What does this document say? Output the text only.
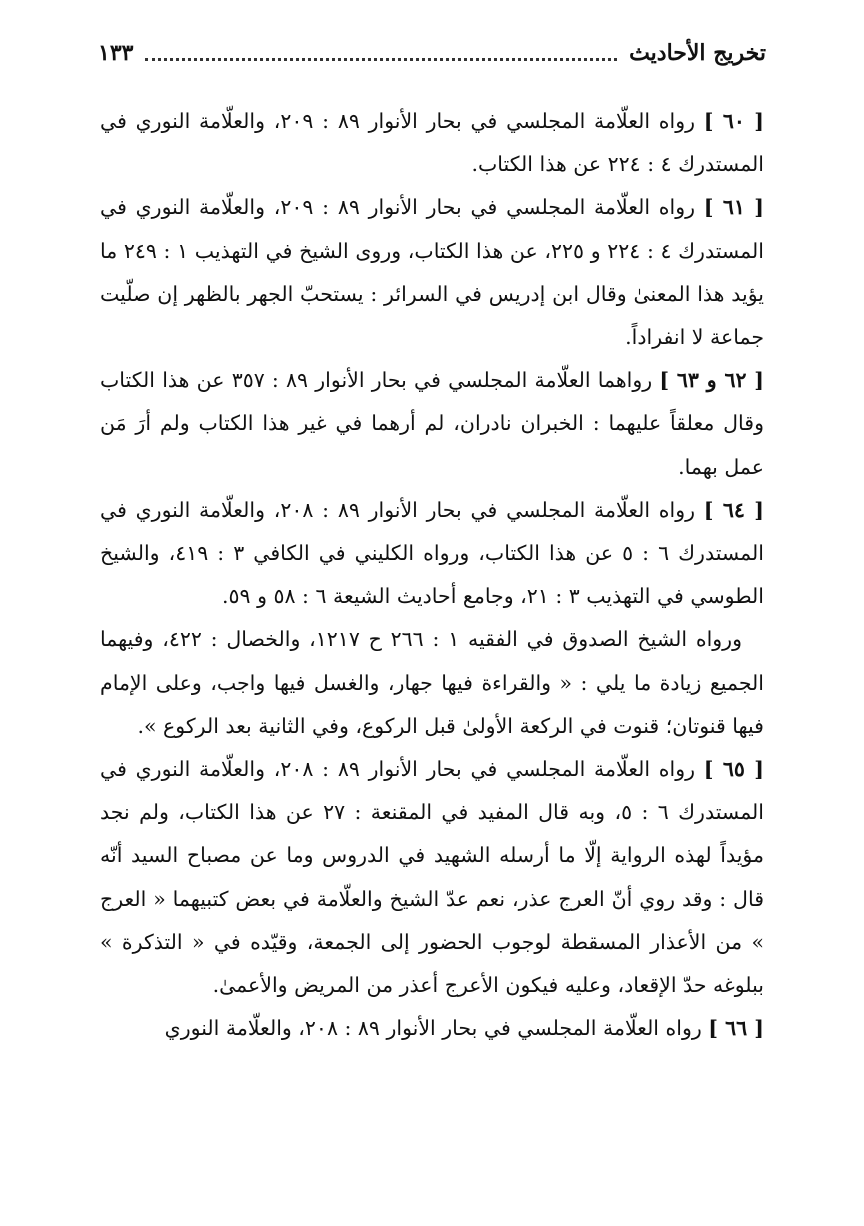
تخريج الأحاديث
١٣٣

[ ٦٠ ] رواه العلّامة المجلسي في بحار الأنوار ٨٩ : ٢٠٩، والعلّامة النوري في المستدرك ٤ : ٢٢٤ عن هذا الكتاب.

[ ٦١ ] رواه العلّامة المجلسي في بحار الأنوار ٨٩ : ٢٠٩، والعلّامة النوري في المستدرك ٤ : ٢٢٤ و ٢٢٥، عن هذا الكتاب، وروى الشيخ في التهذيب ١ : ٢٤٩ ما يؤيد هذا المعنىٰ وقال ابن إدريس في السرائر : يستحبّ الجهر بالظهر إن صلّيت جماعة لا انفراداً.

[ ٦٢ و ٦٣ ] رواهما العلّامة المجلسي في بحار الأنوار ٨٩ : ٣٥٧ عن هذا الكتاب وقال معلقاً عليهما : الخبران نادران، لم أرهما في غير هذا الكتاب ولم أرَ مَن عمل بهما.

[ ٦٤ ] رواه العلّامة المجلسي في بحار الأنوار ٨٩ : ٢٠٨، والعلّامة النوري في المستدرك ٦ : ٥ عن هذا الكتاب، ورواه الكليني في الكافي ٣ : ٤١٩، والشيخ الطوسي في التهذيب ٣ : ٢١، وجامع أحاديث الشيعة ٦ : ٥٨ و ٥٩.

ورواه الشيخ الصدوق في الفقيه ١ : ٢٦٦ ح ١٢١٧، والخصال : ٤٢٢، وفيهما الجميع زيادة ما يلي : « والقراءة فيها جهار، والغسل فيها واجب، وعلى الإمام فيها قنوتان؛ قنوت في الركعة الأولىٰ قبل الركوع، وفي الثانية بعد الركوع ».

[ ٦٥ ] رواه العلّامة المجلسي في بحار الأنوار ٨٩ : ٢٠٨، والعلّامة النوري في المستدرك ٦ : ٥، وبه قال المفيد في المقنعة : ٢٧ عن هذا الكتاب، ولم نجد مؤيداً لهذه الرواية إلّا ما أرسله الشهيد في الدروس وما عن مصباح السيد أنّه قال : وقد روي أنّ العرج عذر، نعم عدّ الشيخ والعلّامة في بعض كتبيهما « العرج » من الأعذار المسقطة لوجوب الحضور إلى الجمعة، وقيّده في « التذكرة » ببلوغه حدّ الإقعاد، وعليه فيكون الأعرج أعذر من المريض والأعمىٰ.

[ ٦٦ ] رواه العلّامة المجلسي في بحار الأنوار ٨٩ : ٢٠٨، والعلّامة النوري
